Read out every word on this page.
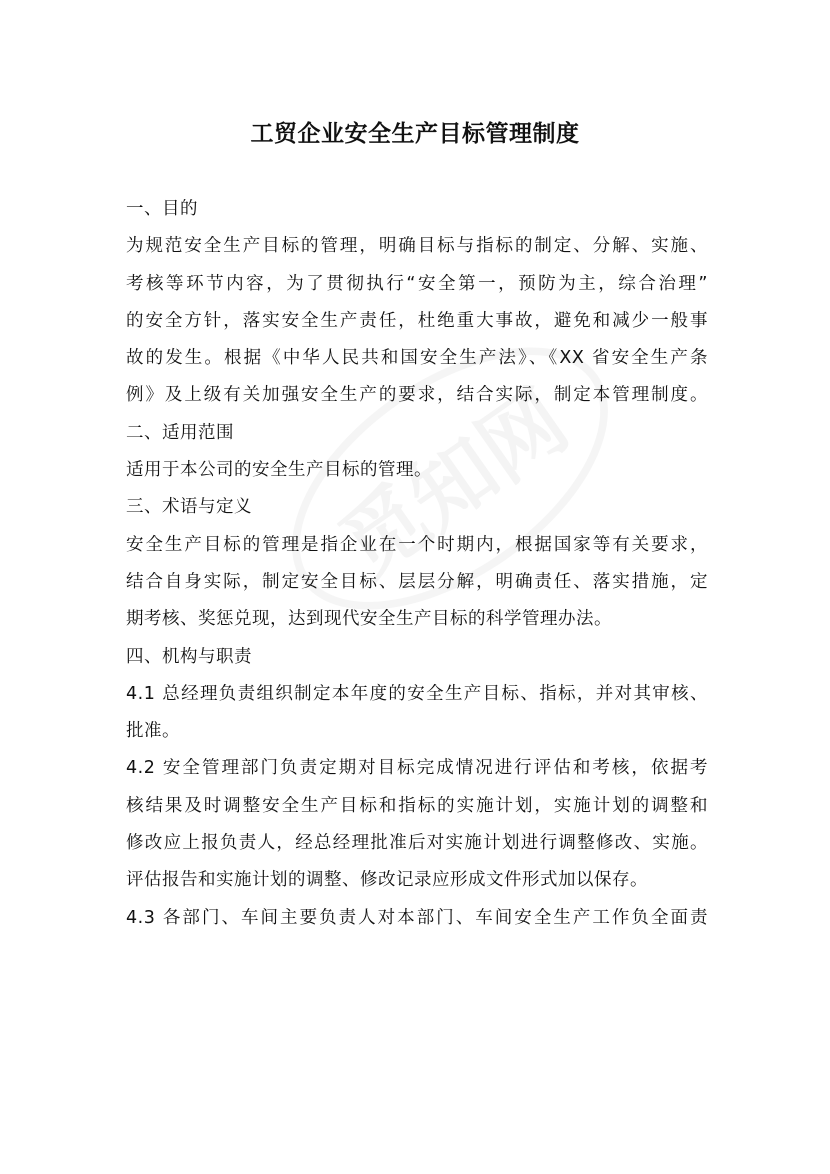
工贸企业安全生产目标管理制度
一、目的
为规范安全生产目标的管理，明确目标与指标的制定、分解、实施、
考核等环节内容，为了贯彻执行“安全第一，预防为主，综合治理”
的安全方针，落实安全生产责任，杜绝重大事故，避免和减少一般事
故的发生。根据《中华人民共和国安全生产法》、《XX 省安全生产条
例》及上级有关加强安全生产的要求，结合实际，制定本管理制度。
二、适用范围
适用于本公司的安全生产目标的管理。
三、术语与定义
安全生产目标的管理是指企业在一个时期内，根据国家等有关要求，
结合自身实际，制定安全目标、层层分解，明确责任、落实措施，定
期考核、奖惩兑现，达到现代安全生产目标的科学管理办法。
四、机构与职责
4.1 总经理负责组织制定本年度的安全生产目标、指标，并对其审核、
批准。
4.2 安全管理部门负责定期对目标完成情况进行评估和考核，依据考
核结果及时调整安全生产目标和指标的实施计划，实施计划的调整和
修改应上报负责人，经总经理批准后对实施计划进行调整修改、实施。
评估报告和实施计划的调整、修改记录应形成文件形式加以保存。
4.3 各部门、车间主要负责人对本部门、车间安全生产工作负全面责
